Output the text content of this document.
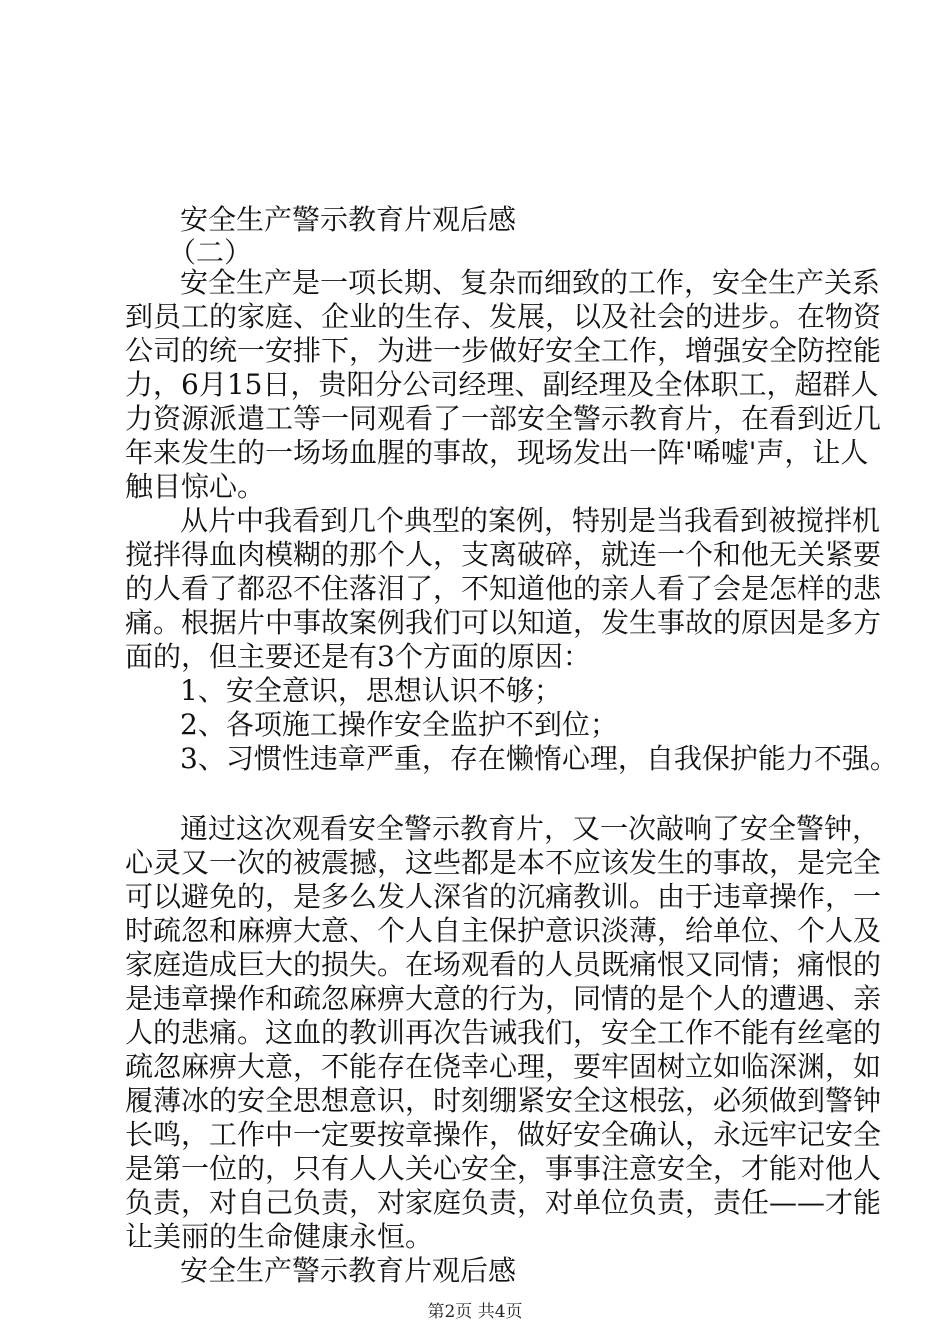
安全生产警示教育片观后感
（二）
安全生产是一项长期、复杂而细致的工作，安全生产关系
到员工的家庭、企业的生存、发展，以及社会的进步。在物资
公司的统一安排下，为进一步做好安全工作，增强安全防控能
力，6月15日，贵阳分公司经理、副经理及全体职工，超群人
力资源派遣工等一同观看了一部安全警示教育片，在看到近几
年来发生的一场场血腥的事故，现场发出一阵'唏嘘'声，让人
触目惊心。
从片中我看到几个典型的案例，特别是当我看到被搅拌机
搅拌得血肉模糊的那个人，支离破碎，就连一个和他无关紧要
的人看了都忍不住落泪了，不知道他的亲人看了会是怎样的悲
痛。根据片中事故案例我们可以知道，发生事故的原因是多方
面的，但主要还是有3个方面的原因：
1、安全意识，思想认识不够；
2、各项施工操作安全监护不到位；
3、习惯性违章严重，存在懒惰心理，自我保护能力不强。
通过这次观看安全警示教育片，又一次敲响了安全警钟，
心灵又一次的被震撼，这些都是本不应该发生的事故，是完全
可以避免的，是多么发人深省的沉痛教训。由于违章操作，一
时疏忽和麻痹大意、个人自主保护意识淡薄，给单位、个人及
家庭造成巨大的损失。在场观看的人员既痛恨又同情；痛恨的
是违章操作和疏忽麻痹大意的行为，同情的是个人的遭遇、亲
人的悲痛。这血的教训再次告诫我们，安全工作不能有丝毫的
疏忽麻痹大意，不能存在侥幸心理，要牢固树立如临深渊，如
履薄冰的安全思想意识，时刻绷紧安全这根弦，必须做到警钟
长鸣，工作中一定要按章操作，做好安全确认，永远牢记安全
是第一位的，只有人人关心安全，事事注意安全，才能对他人
负责，对自己负责，对家庭负责，对单位负责，责任——才能
让美丽的生命健康永恒。
安全生产警示教育片观后感
第2页 共4页
